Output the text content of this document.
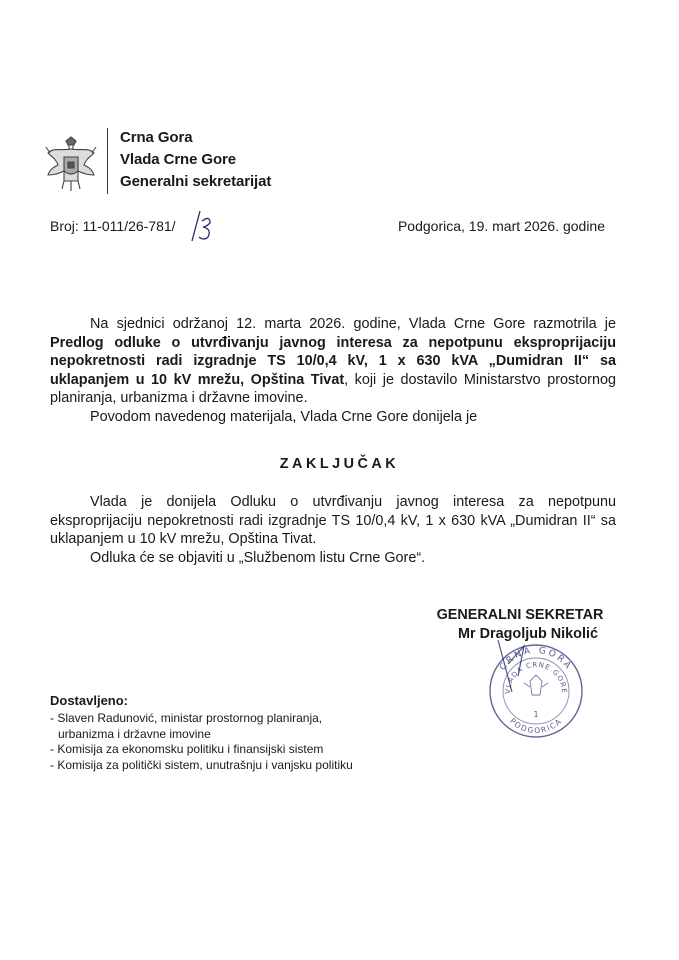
Crna Gora
Vlada Crne Gore
Generalni sekretarijat
Broj: 11-011/26-781/	Podgorica, 19. mart 2026. godine

Na sjednici održanoj 12. marta 2026. godine, Vlada Crne Gore razmotrila je Predlog odluke o utvrđivanju javnog interesa za nepotpunu eksproprijaciju nepokretnosti radi izgradnje TS 10/0,4 kV, 1 x 630 kVA „Dumidran II“ sa uklapanjem u 10 kV mrežu, Opština Tivat, koji je dostavilo Ministarstvo prostornog planiranja, urbanizma i državne imovine.

Povodom navedenog materijala, Vlada Crne Gore donijela je

ZAKLJUČAK

Vlada je donijela Odluku o utvrđivanju javnog interesa za nepotpunu eksproprijaciju nepokretnosti radi izgradnje TS 10/0,4 kV, 1 x 630 kVA „Dumidran II“ sa uklapanjem u 10 kV mrežu, Opština Tivat.

Odluka će se objaviti u „Službenom listu Crne Gore“.

GENERALNI SEKRETAR
Mr Dragoljub Nikolić
CRNA GORA
VLADA CRNE GORE
PODGORICA
1
Dostavljeno:
- Slaven Radunović, ministar prostornog planiranja, urbanizma i državne imovine
- Komisija za ekonomsku politiku i finansijski sistem
- Komisija za politički sistem, unutrašnju i vanjsku politiku
